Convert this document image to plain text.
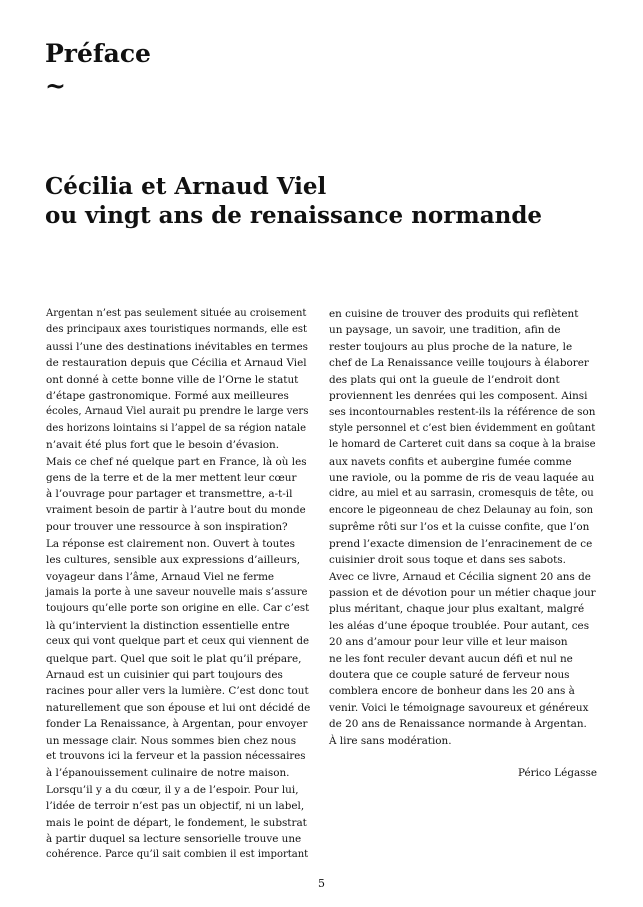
Préface
~
Cécilia et Arnaud Viel
ou vingt ans de renaissance normande
Argentan n’est pas seulement située au croisement
des principaux axes touristiques normands, elle est
aussi l’une des destinations inévitables en termes
de restauration depuis que Cécilia et Arnaud Viel
ont donné à cette bonne ville de l’Orne le statut
d’étape gastronomique. Formé aux meilleures
écoles, Arnaud Viel aurait pu prendre le large vers
des horizons lointains si l’appel de sa région natale
n’avait été plus fort que le besoin d’évasion.
Mais ce chef né quelque part en France, là où les
gens de la terre et de la mer mettent leur cœur
à l’ouvrage pour partager et transmettre, a-t-il
vraiment besoin de partir à l’autre bout du monde
pour trouver une ressource à son inspiration?
La réponse est clairement non. Ouvert à toutes
les cultures, sensible aux expressions d’ailleurs,
voyageur dans l’âme, Arnaud Viel ne ferme
jamais la porte à une saveur nouvelle mais s’assure
toujours qu’elle porte son origine en elle. Car c’est
là qu’intervient la distinction essentielle entre
ceux qui vont quelque part et ceux qui viennent de
quelque part. Quel que soit le plat qu’il prépare,
Arnaud est un cuisinier qui part toujours des
racines pour aller vers la lumière. C’est donc tout
naturellement que son épouse et lui ont décidé de
fonder La Renaissance, à Argentan, pour envoyer
un message clair. Nous sommes bien chez nous
et trouvons ici la ferveur et la passion nécessaires
à l’épanouissement culinaire de notre maison.
Lorsqu’il y a du cœur, il y a de l’espoir. Pour lui,
l’idée de terroir n’est pas un objectif, ni un label,
mais le point de départ, le fondement, le substrat
à partir duquel sa lecture sensorielle trouve une
cohérence. Parce qu’il sait combien il est important
en cuisine de trouver des produits qui reflètent
un paysage, un savoir, une tradition, afin de
rester toujours au plus proche de la nature, le
chef de La Renaissance veille toujours à élaborer
des plats qui ont la gueule de l’endroit dont
proviennent les denrées qui les composent. Ainsi
ses incontournables restent-ils la référence de son
style personnel et c’est bien évidemment en goûtant
le homard de Carteret cuit dans sa coque à la braise
aux navets confits et aubergine fumée comme
une raviole, ou la pomme de ris de veau laquée au
cidre, au miel et au sarrasin, cromesquis de tête, ou
encore le pigeonneau de chez Delaunay au foin, son
suprême rôti sur l’os et la cuisse confite, que l’on
prend l’exacte dimension de l’enracinement de ce
cuisinier droit sous toque et dans ses sabots.
Avec ce livre, Arnaud et Cécilia signent 20 ans de
passion et de dévotion pour un métier chaque jour
plus méritant, chaque jour plus exaltant, malgré
les aléas d’une époque troublée. Pour autant, ces
20 ans d’amour pour leur ville et leur maison
ne les font reculer devant aucun défi et nul ne
doutera que ce couple saturé de ferveur nous
comblera encore de bonheur dans les 20 ans à
venir. Voici le témoignage savoureux et généreux
de 20 ans de Renaissance normande à Argentan.
À lire sans modération.
Périco Légasse
5
